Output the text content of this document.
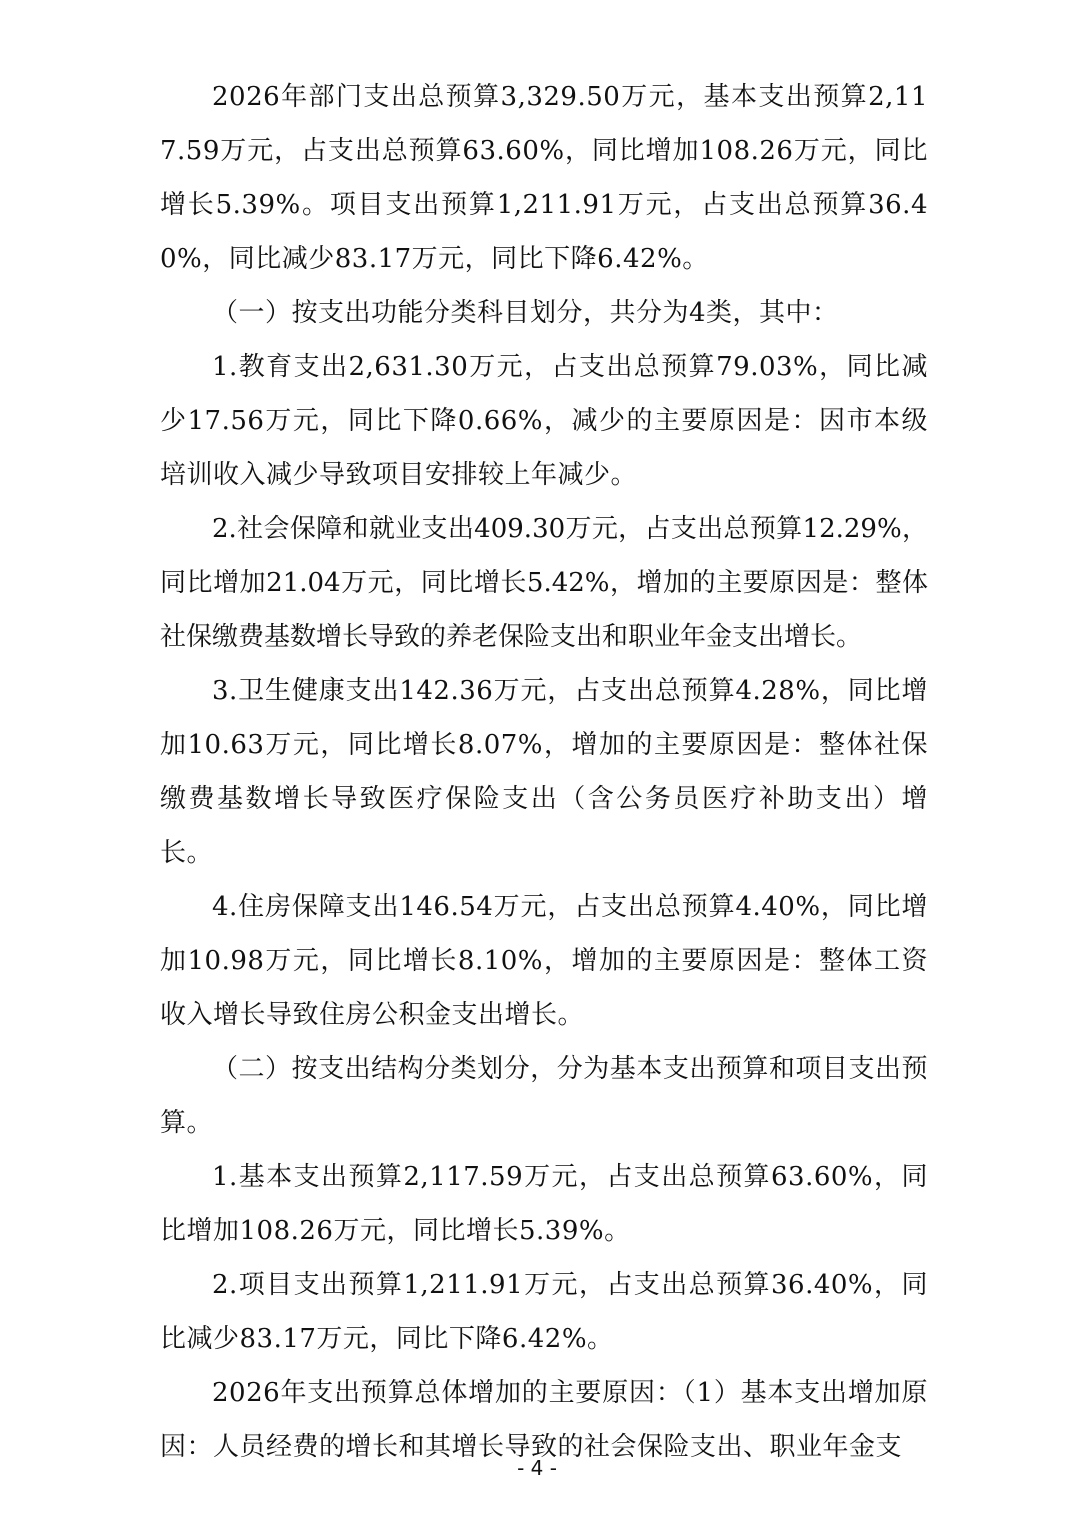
2026年部门支出总预算3,329.50万元，基本支出预算2,117.59万元，占支出总预算63.60%，同比增加108.26万元，同比增长5.39%。项目支出预算1,211.91万元，占支出总预算36.40%，同比减少83.17万元，同比下降6.42%。

（一）按支出功能分类科目划分，共分为4类，其中：

1.教育支出2,631.30万元，占支出总预算79.03%，同比减少17.56万元，同比下降0.66%，减少的主要原因是：因市本级培训收入减少导致项目安排较上年减少。

2.社会保障和就业支出409.30万元，占支出总预算12.29%，同比增加21.04万元，同比增长5.42%，增加的主要原因是：整体社保缴费基数增长导致的养老保险支出和职业年金支出增长。

3.卫生健康支出142.36万元，占支出总预算4.28%，同比增加10.63万元，同比增长8.07%，增加的主要原因是：整体社保缴费基数增长导致医疗保险支出（含公务员医疗补助支出）增长。

4.住房保障支出146.54万元，占支出总预算4.40%，同比增加10.98万元，同比增长8.10%，增加的主要原因是：整体工资收入增长导致住房公积金支出增长。

（二）按支出结构分类划分，分为基本支出预算和项目支出预算。

1.基本支出预算2,117.59万元，占支出总预算63.60%，同比增加108.26万元，同比增长5.39%。

2.项目支出预算1,211.91万元，占支出总预算36.40%，同比减少83.17万元，同比下降6.42%。

2026年支出预算总体增加的主要原因：（1）基本支出增加原因：人员经费的增长和其增长导致的社会保险支出、职业年金支

- 4 -
